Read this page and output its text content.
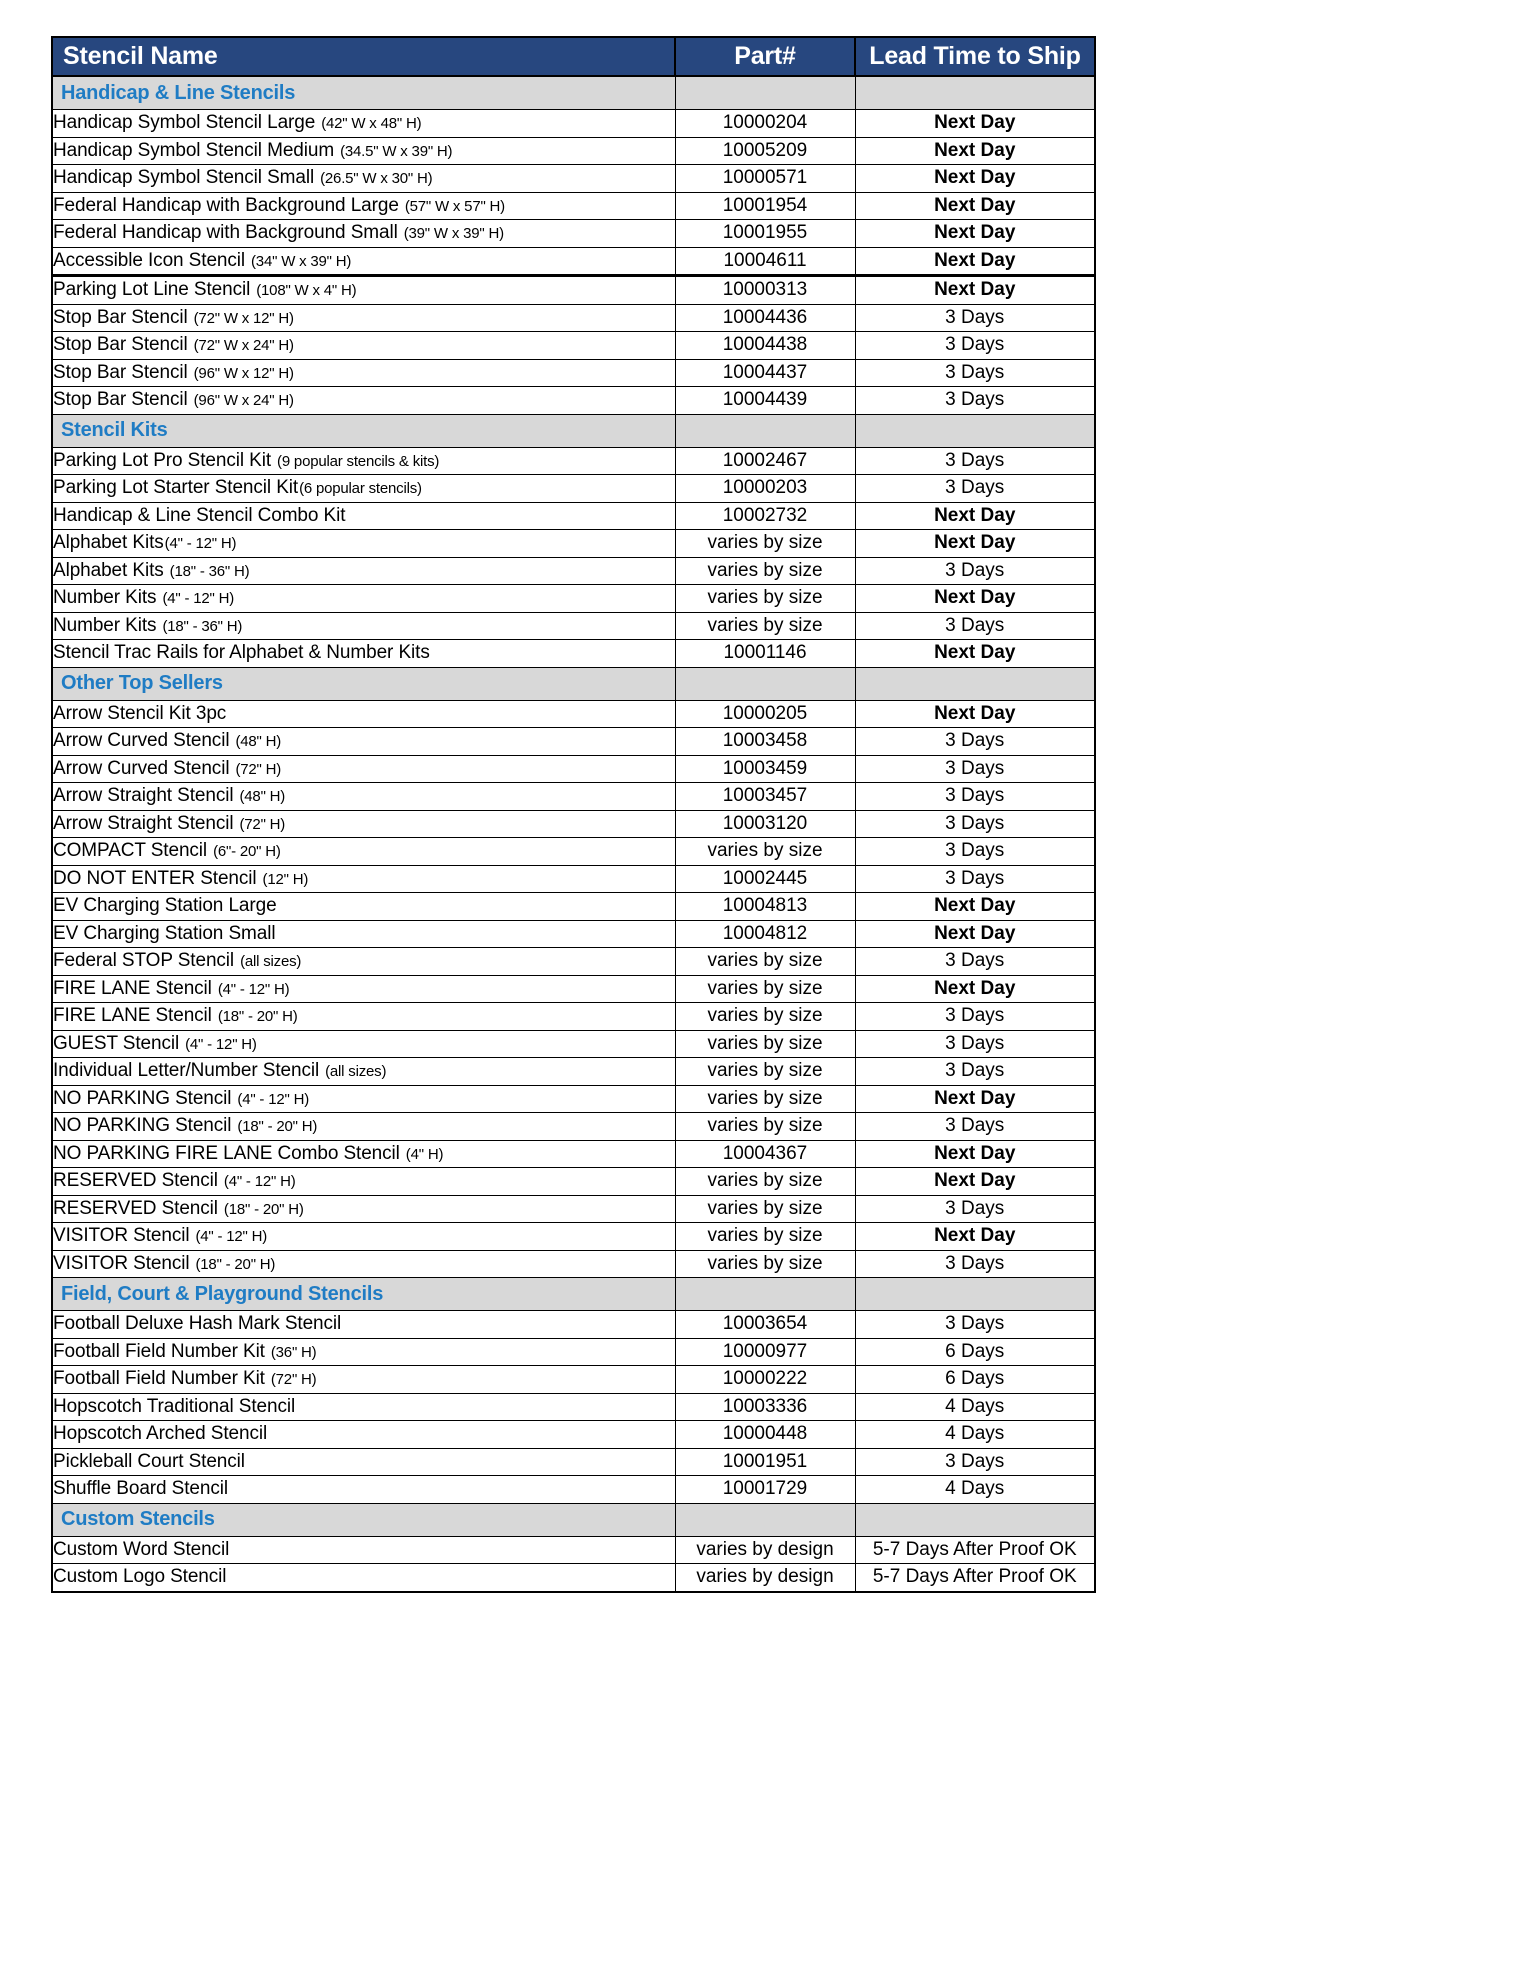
Stencil Name	Part#	Lead Time to Ship
Handicap & Line Stencils		
Handicap Symbol Stencil Large (42" W x 48" H)	10000204	Next Day
Handicap Symbol Stencil Medium (34.5" W x 39" H)	10005209	Next Day
Handicap Symbol Stencil Small (26.5" W x 30" H)	10000571	Next Day
Federal Handicap with Background Large (57" W x 57" H)	10001954	Next Day
Federal Handicap with Background Small (39" W x 39" H)	10001955	Next Day
Accessible Icon Stencil (34" W x 39" H)	10004611	Next Day
Parking Lot Line Stencil (108" W x 4" H)	10000313	Next Day
Stop Bar Stencil (72" W x 12" H)	10004436	3 Days
Stop Bar Stencil (72" W x 24" H)	10004438	3 Days
Stop Bar Stencil (96" W x 12" H)	10004437	3 Days
Stop Bar Stencil (96" W x 24" H)	10004439	3 Days
Stencil Kits		
Parking Lot Pro Stencil Kit (9 popular stencils & kits)	10002467	3 Days
Parking Lot Starter Stencil Kit(6 popular stencils)	10000203	3 Days
Handicap & Line Stencil Combo Kit	10002732	Next Day
Alphabet Kits(4" - 12" H)	varies by size	Next Day
Alphabet Kits (18" - 36" H)	varies by size	3 Days
Number Kits (4" - 12" H)	varies by size	Next Day
Number Kits (18" - 36" H)	varies by size	3 Days
Stencil Trac Rails for Alphabet & Number Kits	10001146	Next Day
Other Top Sellers		
Arrow Stencil Kit 3pc	10000205	Next Day
Arrow Curved Stencil (48" H)	10003458	3 Days
Arrow Curved Stencil (72" H)	10003459	3 Days
Arrow Straight Stencil (48" H)	10003457	3 Days
Arrow Straight Stencil (72" H)	10003120	3 Days
COMPACT Stencil (6"- 20" H)	varies by size	3 Days
DO NOT ENTER Stencil (12" H)	10002445	3 Days
EV Charging Station Large	10004813	Next Day
EV Charging Station Small	10004812	Next Day
Federal STOP Stencil (all sizes)	varies by size	3 Days
FIRE LANE Stencil (4" - 12" H)	varies by size	Next Day
FIRE LANE Stencil (18" - 20" H)	varies by size	3 Days
GUEST Stencil (4" - 12" H)	varies by size	3 Days
Individual Letter/Number Stencil (all sizes)	varies by size	3 Days
NO PARKING Stencil (4" - 12" H)	varies by size	Next Day
NO PARKING Stencil (18" - 20" H)	varies by size	3 Days
NO PARKING FIRE LANE Combo Stencil (4" H)	10004367	Next Day
RESERVED Stencil (4" - 12" H)	varies by size	Next Day
RESERVED Stencil (18" - 20" H)	varies by size	3 Days
VISITOR Stencil (4" - 12" H)	varies by size	Next Day
VISITOR Stencil (18" - 20" H)	varies by size	3 Days
Field, Court & Playground Stencils		
Football Deluxe Hash Mark Stencil	10003654	3 Days
Football Field Number Kit (36" H)	10000977	6 Days
Football Field Number Kit (72" H)	10000222	6 Days
Hopscotch Traditional Stencil	10003336	4 Days
Hopscotch Arched Stencil	10000448	4 Days
Pickleball Court Stencil	10001951	3 Days
Shuffle Board Stencil	10001729	4 Days
Custom Stencils		
Custom Word Stencil	varies by design	5-7 Days After Proof OK
Custom Logo Stencil	varies by design	5-7 Days After Proof OK
